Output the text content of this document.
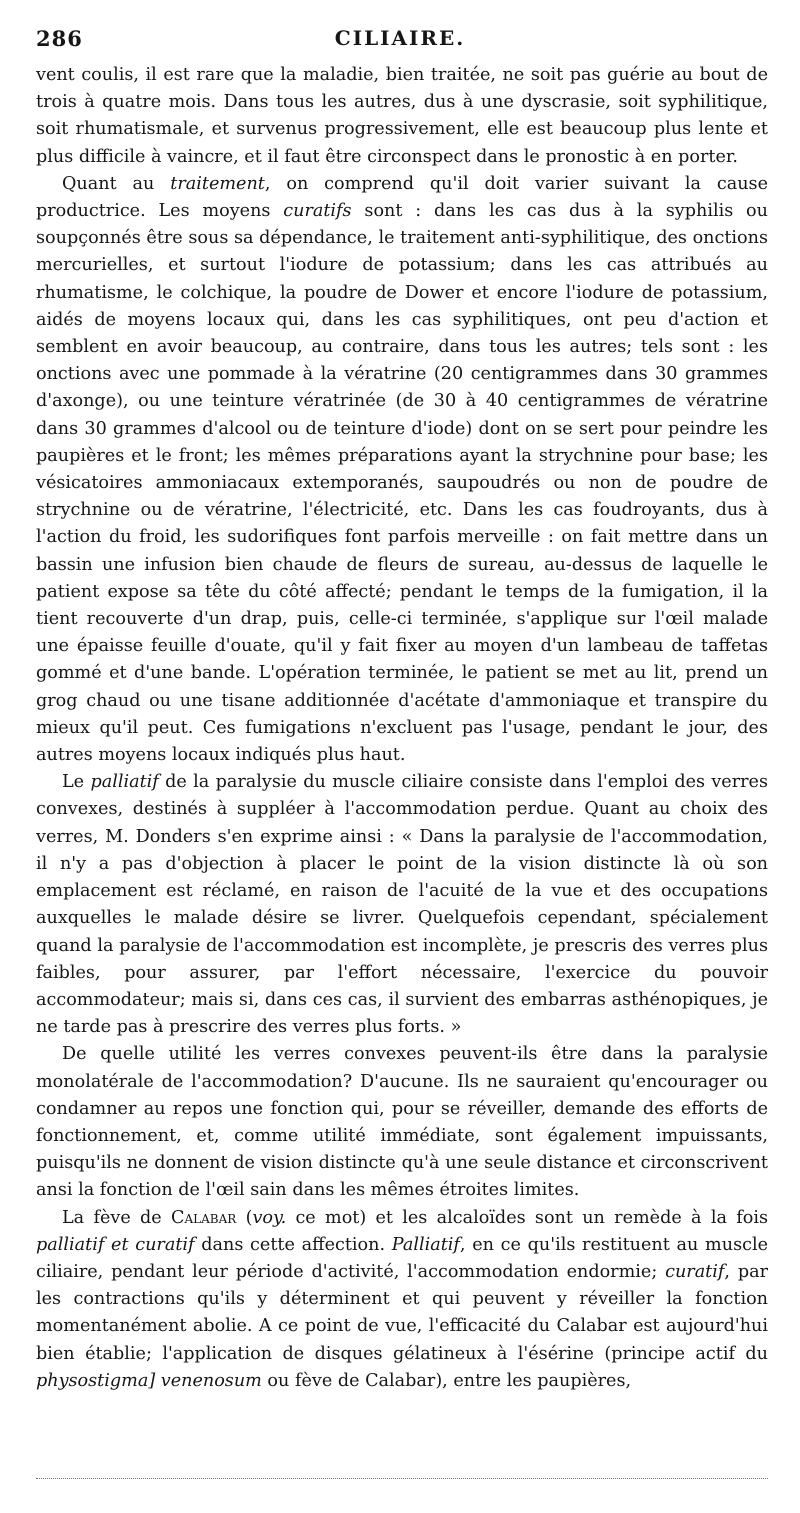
286	CILIAIRE.

vent coulis, il est rare que la maladie, bien traitée, ne soit pas guérie au bout de trois à quatre mois. Dans tous les autres, dus à une dyscrasie, soit syphilitique, soit rhumatismale, et survenus progressivement, elle est beaucoup plus lente et plus difficile à vaincre, et il faut être circonspect dans le pronostic à en porter.

Quant au traitement, on comprend qu'il doit varier suivant la cause productrice. Les moyens curatifs sont : dans les cas dus à la syphilis ou soupçonnés être sous sa dépendance, le traitement anti-syphilitique, des onctions mercurielles, et surtout l'iodure de potassium; dans les cas attribués au rhumatisme, le colchique, la poudre de Dower et encore l'iodure de potassium, aidés de moyens locaux qui, dans les cas syphilitiques, ont peu d'action et semblent en avoir beaucoup, au contraire, dans tous les autres; tels sont : les onctions avec une pommade à la vératrine (20 centigrammes dans 30 grammes d'axonge), ou une teinture vératrinée (de 30 à 40 centigrammes de vératrine dans 30 grammes d'alcool ou de teinture d'iode) dont on se sert pour peindre les paupières et le front; les mêmes préparations ayant la strychnine pour base; les vésicatoires ammoniacaux extemporanés, saupoudrés ou non de poudre de strychnine ou de vératrine, l'électricité, etc. Dans les cas foudroyants, dus à l'action du froid, les sudorifiques font parfois merveille : on fait mettre dans un bassin une infusion bien chaude de fleurs de sureau, au-dessus de laquelle le patient expose sa tête du côté affecté; pendant le temps de la fumigation, il la tient recouverte d'un drap, puis, celle-ci terminée, s'applique sur l'œil malade une épaisse feuille d'ouate, qu'il y fait fixer au moyen d'un lambeau de taffetas gommé et d'une bande. L'opération terminée, le patient se met au lit, prend un grog chaud ou une tisane additionnée d'acétate d'ammoniaque et transpire du mieux qu'il peut. Ces fumigations n'excluent pas l'usage, pendant le jour, des autres moyens locaux indiqués plus haut.

Le palliatif de la paralysie du muscle ciliaire consiste dans l'emploi des verres convexes, destinés à suppléer à l'accommodation perdue. Quant au choix des verres, M. Donders s'en exprime ainsi : « Dans la paralysie de l'accommodation, il n'y a pas d'objection à placer le point de la vision distincte là où son emplacement est réclamé, en raison de l'acuité de la vue et des occupations auxquelles le malade désire se livrer. Quelquefois cependant, spécialement quand la paralysie de l'accommodation est incomplète, je prescris des verres plus faibles, pour assurer, par l'effort nécessaire, l'exercice du pouvoir accommodateur; mais si, dans ces cas, il survient des embarras asthénopiques, je ne tarde pas à prescrire des verres plus forts. »

De quelle utilité les verres convexes peuvent-ils être dans la paralysie monolatérale de l'accommodation? D'aucune. Ils ne sauraient qu'encourager ou condamner au repos une fonction qui, pour se réveiller, demande des efforts de fonctionnement, et, comme utilité immédiate, sont également impuissants, puisqu'ils ne donnent de vision distincte qu'à une seule distance et circonscrivent ansi la fonction de l'œil sain dans les mêmes étroites limites.

La fève de Calabar (voy. ce mot) et les alcaloïdes sont un remède à la fois palliatif et curatif dans cette affection. Palliatif, en ce qu'ils restituent au muscle ciliaire, pendant leur période d'activité, l'accommodation endormie; curatif, par les contractions qu'ils y déterminent et qui peuvent y réveiller la fonction momentanément abolie. A ce point de vue, l'efficacité du Calabar est aujourd'hui bien établie; l'application de disques gélatineux à l'ésérine (principe actif du physostigma] venenosum ou fève de Calabar), entre les paupières,
